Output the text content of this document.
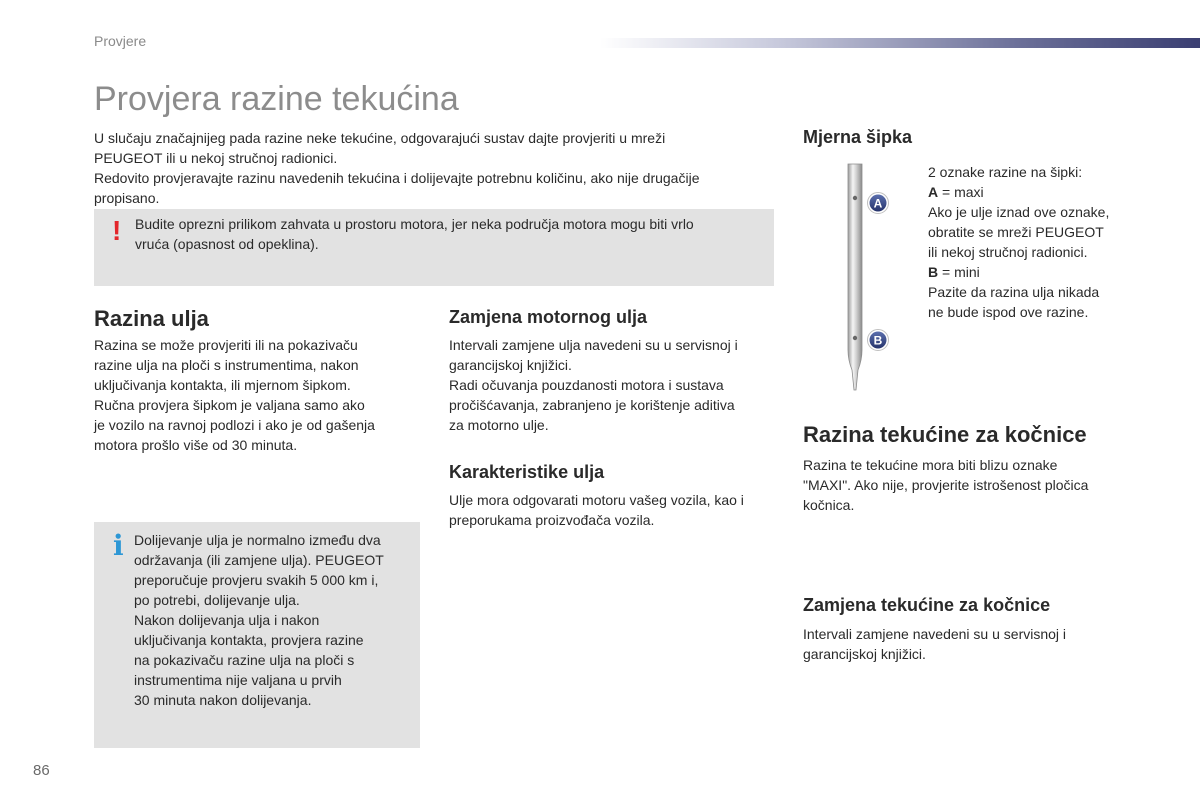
Provjere
Provjera razine tekućina

U slučaju značajnijeg pada razine neke tekućine, odgovarajući sustav dajte provjeriti u mreži

PEUGEOT ili u nekoj stručnoj radionici.

Redovito provjeravajte razinu navedenih tekućina i dolijevajte potrebnu količinu, ako nije drugačije

propisano.

! Budite oprezni prilikom zahvata u prostoru motora, jer neka područja motora mogu biti vrlo

vruća (opasnost od opeklina).

Razina ulja

Razina se može provjeriti ili na pokazivaču

razine ulja na ploči s instrumentima, nakon

uključivanja kontakta, ili mjernom šipkom.

Ručna provjera šipkom je valjana samo ako

je vozilo na ravnoj podlozi i ako je od gašenja

motora prošlo više od 30 minuta.

i Dolijevanje ulja je normalno između dva

održavanja (ili zamjene ulja). PEUGEOT

preporučuje provjeru svakih 5 000 km i,

po potrebi, dolijevanje ulja.

Nakon dolijevanja ulja i nakon

uključivanja kontakta, provjera razine

na pokazivaču razine ulja na ploči s

instrumentima nije valjana u prvih

30 minuta nakon dolijevanja.

Zamjena motornog ulja

Intervali zamjene ulja navedeni su u servisnoj i

garancijskoj knjižici.

Radi očuvanja pouzdanosti motora i sustava

pročišćavanja, zabranjeno je korištenje aditiva

za motorno ulje.

Karakteristike ulja

Ulje mora odgovarati motoru vašeg vozila, kao i

preporukama proizvođača vozila.

Mjerna šipka
A
B

2 oznake razine na šipki:

A = maxi

Ako je ulje iznad ove oznake,

obratite se mreži PEUGEOT

ili nekoj stručnoj radionici.

B = mini

Pazite da razina ulja nikada

ne bude ispod ove razine.

Razina tekućine za kočnice

Razina te tekućine mora biti blizu oznake

"MAXI". Ako nije, provjerite istrošenost pločica

kočnica.

Zamjena tekućine za kočnice

Intervali zamjene navedeni su u servisnoj i

garancijskoj knjižici.

86
